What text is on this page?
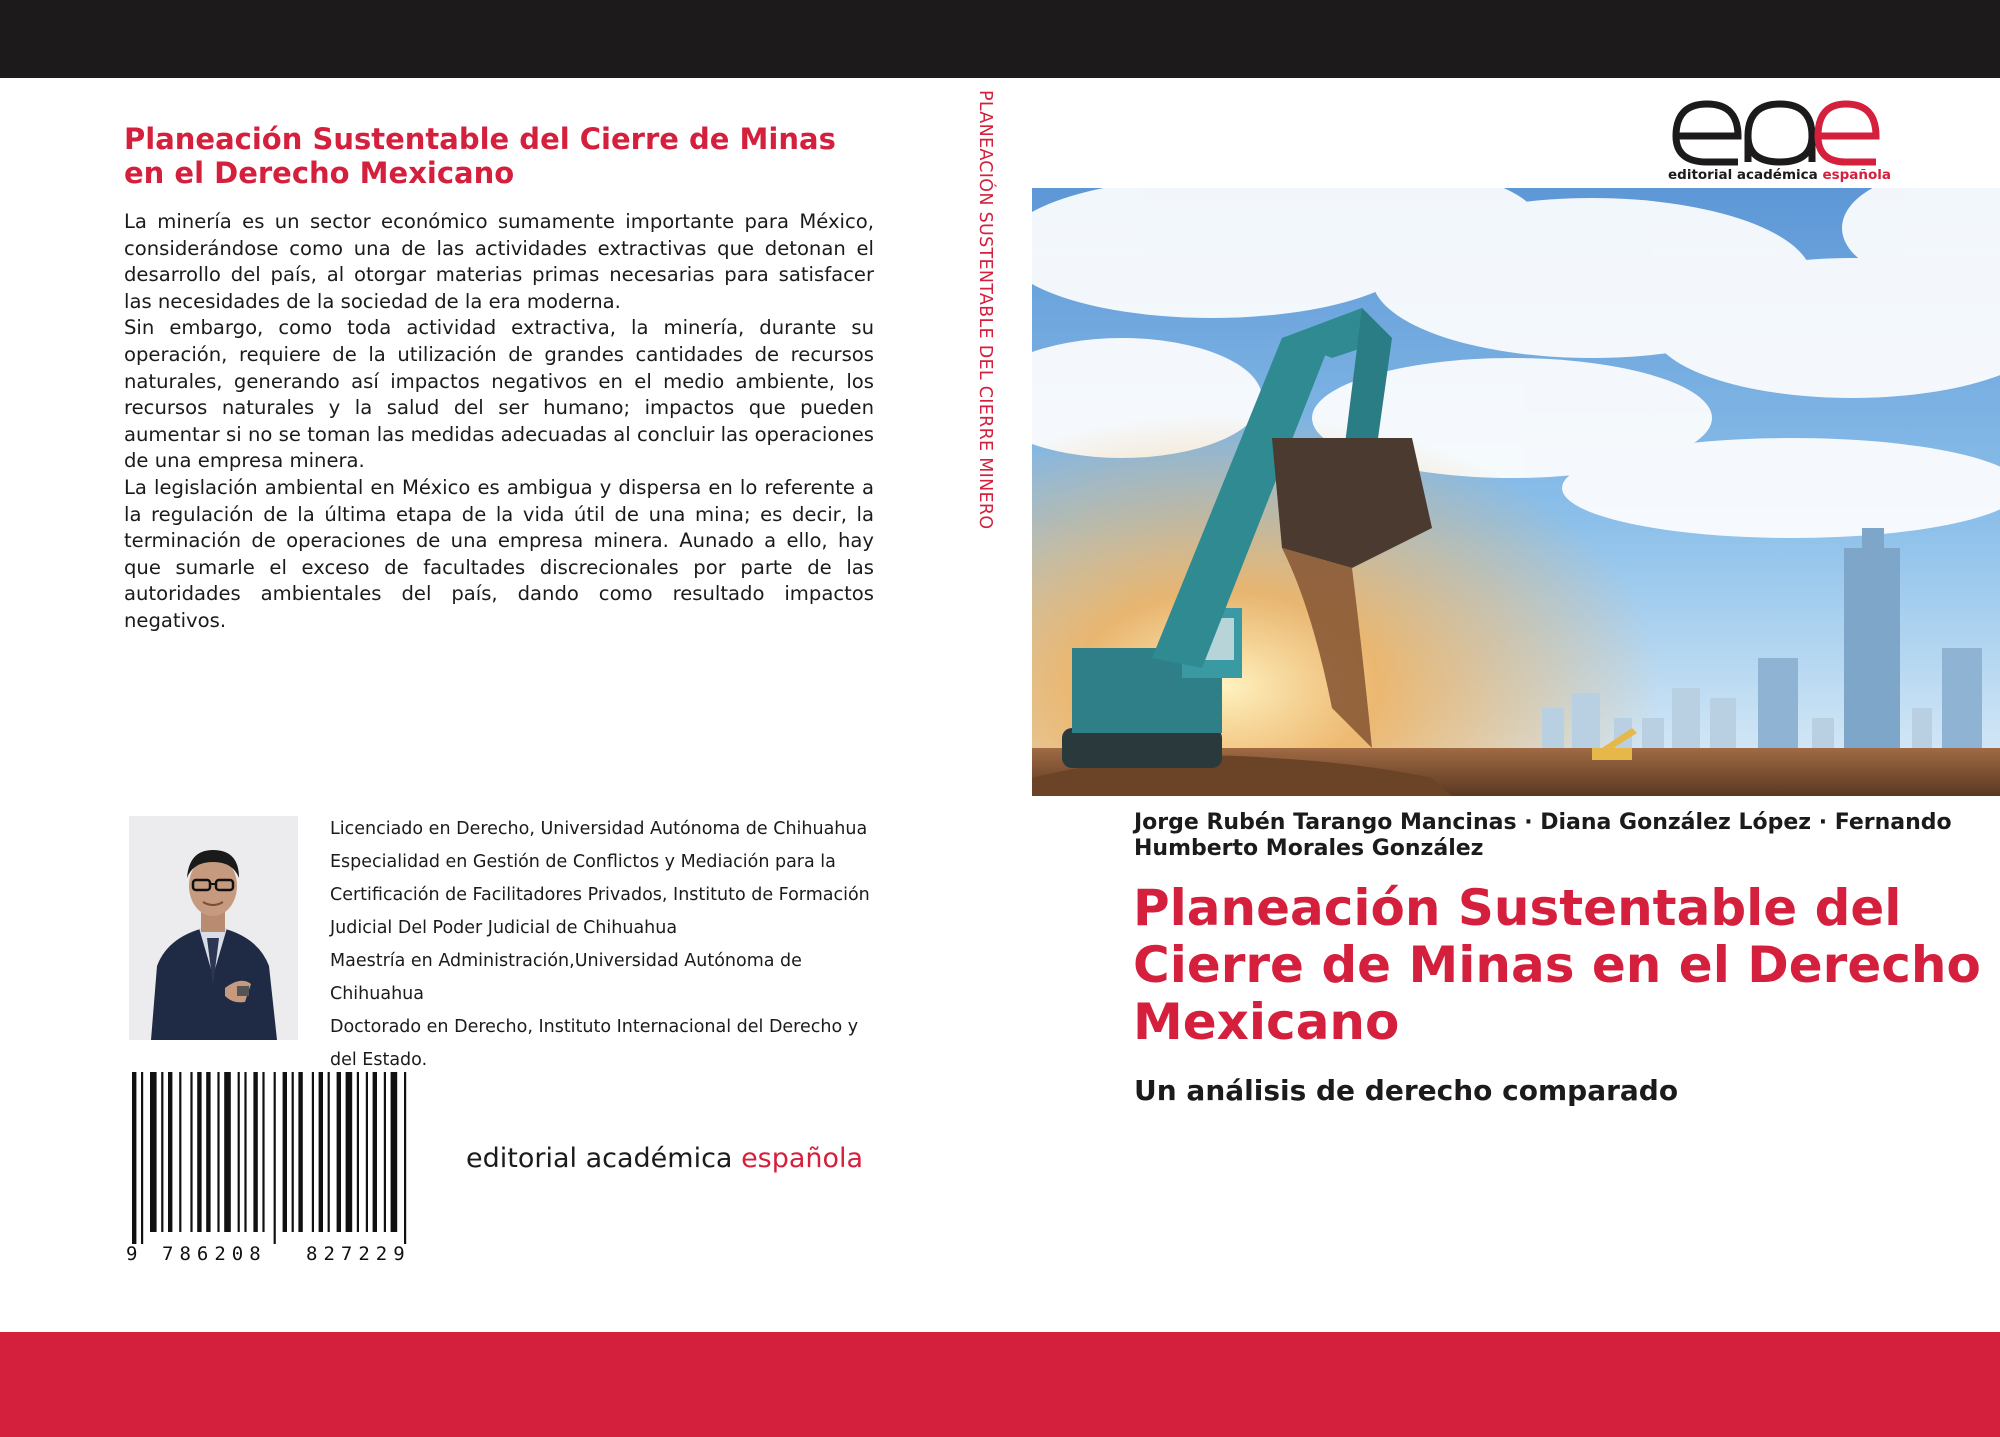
Planeación Sustentable del Cierre de Minas en el Derecho Mexicano

La minería es un sector económico sumamente importante para México, considerándose como una de las actividades extractivas que detonan el desarrollo del país, al otorgar materias primas necesarias para satisfacer las necesidades de la sociedad de la era moderna.

Sin embargo, como toda actividad extractiva, la minería, durante su operación, requiere de la utilización de grandes cantidades de recursos naturales, generando así impactos negativos en el medio ambiente, los recursos naturales y la salud del ser humano; impactos que pueden aumentar si no se toman las medidas adecuadas al concluir las operaciones de una empresa minera.

La legislación ambiental en México es ambigua y dispersa en lo referente a la regulación de la última etapa de la vida útil de una mina; es decir, la terminación de operaciones de una empresa minera. Aunado a ello, hay que sumarle el exceso de facultades discrecionales por parte de las autoridades ambientales del país, dando como resultado impactos negativos.

Licenciado en Derecho, Universidad Autónoma de Chihuahua
Especialidad en Gestión de Conflictos y Mediación para la
Certificación de Facilitadores Privados, Instituto de Formación
Judicial Del Poder Judicial de Chihuahua
Maestría en Administración,Universidad Autónoma de
Chihuahua
Doctorado en Derecho, Instituto Internacional del Derecho y
del Estado.
9 786208 827229
editorial académica española
PLANEACIÓN SUSTENTABLE DEL CIERRE MINERO	editorial académica española
Jorge Rubén Tarango Mancinas · Diana González López · Fernando Humberto Morales González
Planeación Sustentable del Cierre de Minas en el Derecho Mexicano
Un análisis de derecho comparado
